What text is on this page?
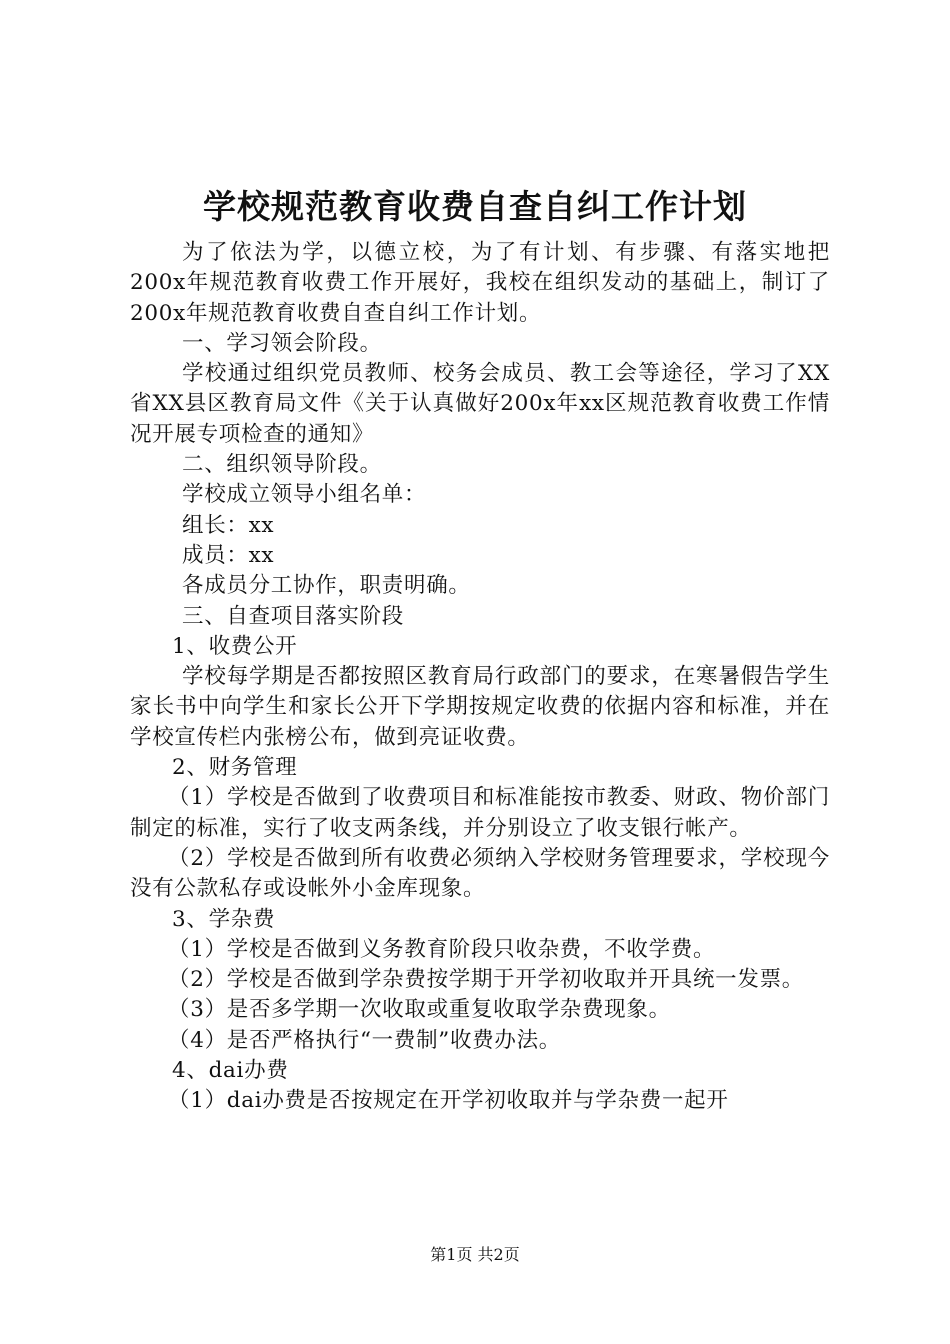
学校规范教育收费自查自纠工作计划

为了依法为学，以德立校，为了有计划、有步骤、有落实地把200x年规范教育收费工作开展好，我校在组织发动的基础上，制订了200x年规范教育收费自查自纠工作计划。

一、学习领会阶段。

学校通过组织党员教师、校务会成员、教工会等途径，学习了XX省XX县区教育局文件《关于认真做好200x年xx区规范教育收费工作情况开展专项检查的通知》

二、组织领导阶段。

学校成立领导小组名单：

组长：xx

成员：xx

各成员分工协作，职责明确。

三、自查项目落实阶段

1、收费公开

学校每学期是否都按照区教育局行政部门的要求，在寒暑假告学生家长书中向学生和家长公开下学期按规定收费的依据内容和标准，并在学校宣传栏内张榜公布，做到亮证收费。

2、财务管理

（1）学校是否做到了收费项目和标准能按市教委、财政、物价部门制定的标准，实行了收支两条线，并分别设立了收支银行帐产。

（2）学校是否做到所有收费必须纳入学校财务管理要求，学校现今没有公款私存或设帐外小金库现象。

3、学杂费

（1）学校是否做到义务教育阶段只收杂费，不收学费。

（2）学校是否做到学杂费按学期于开学初收取并开具统一发票。

（3）是否多学期一次收取或重复收取学杂费现象。

（4）是否严格执行“一费制”收费办法。

4、dai办费

（1）dai办费是否按规定在开学初收取并与学杂费一起开

第1页 共2页
